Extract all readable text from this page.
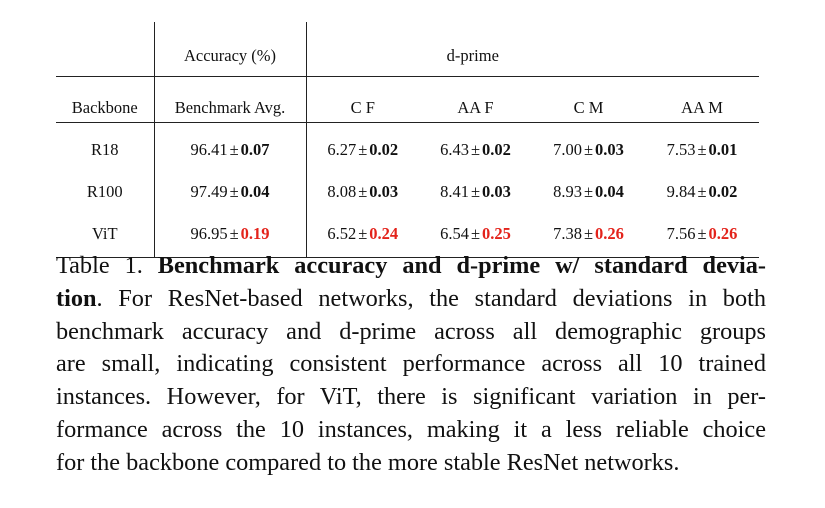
	Accuracy (%)	d-prime			
Backbone	Benchmark Avg.	C F	AA F	C M	AA M
R18	96.41 ± 0.07	6.27 ± 0.02	6.43 ± 0.02	7.00 ± 0.03	7.53 ± 0.01
R100	97.49 ± 0.04	8.08 ± 0.03	8.41 ± 0.03	8.93 ± 0.04	9.84 ± 0.02
ViT	96.95 ± 0.19	6.52 ± 0.24	6.54 ± 0.25	7.38 ± 0.26	7.56 ± 0.26
Table 1. Benchmark accuracy and d-prime w/ standard devia-
tion. For ResNet-based networks, the standard deviations in both
benchmark accuracy and d-prime across all demographic groups
are small, indicating consistent performance across all 10 trained
instances. However, for ViT, there is significant variation in per-
formance across the 10 instances, making it a less reliable choice
for the backbone compared to the more stable ResNet networks.
